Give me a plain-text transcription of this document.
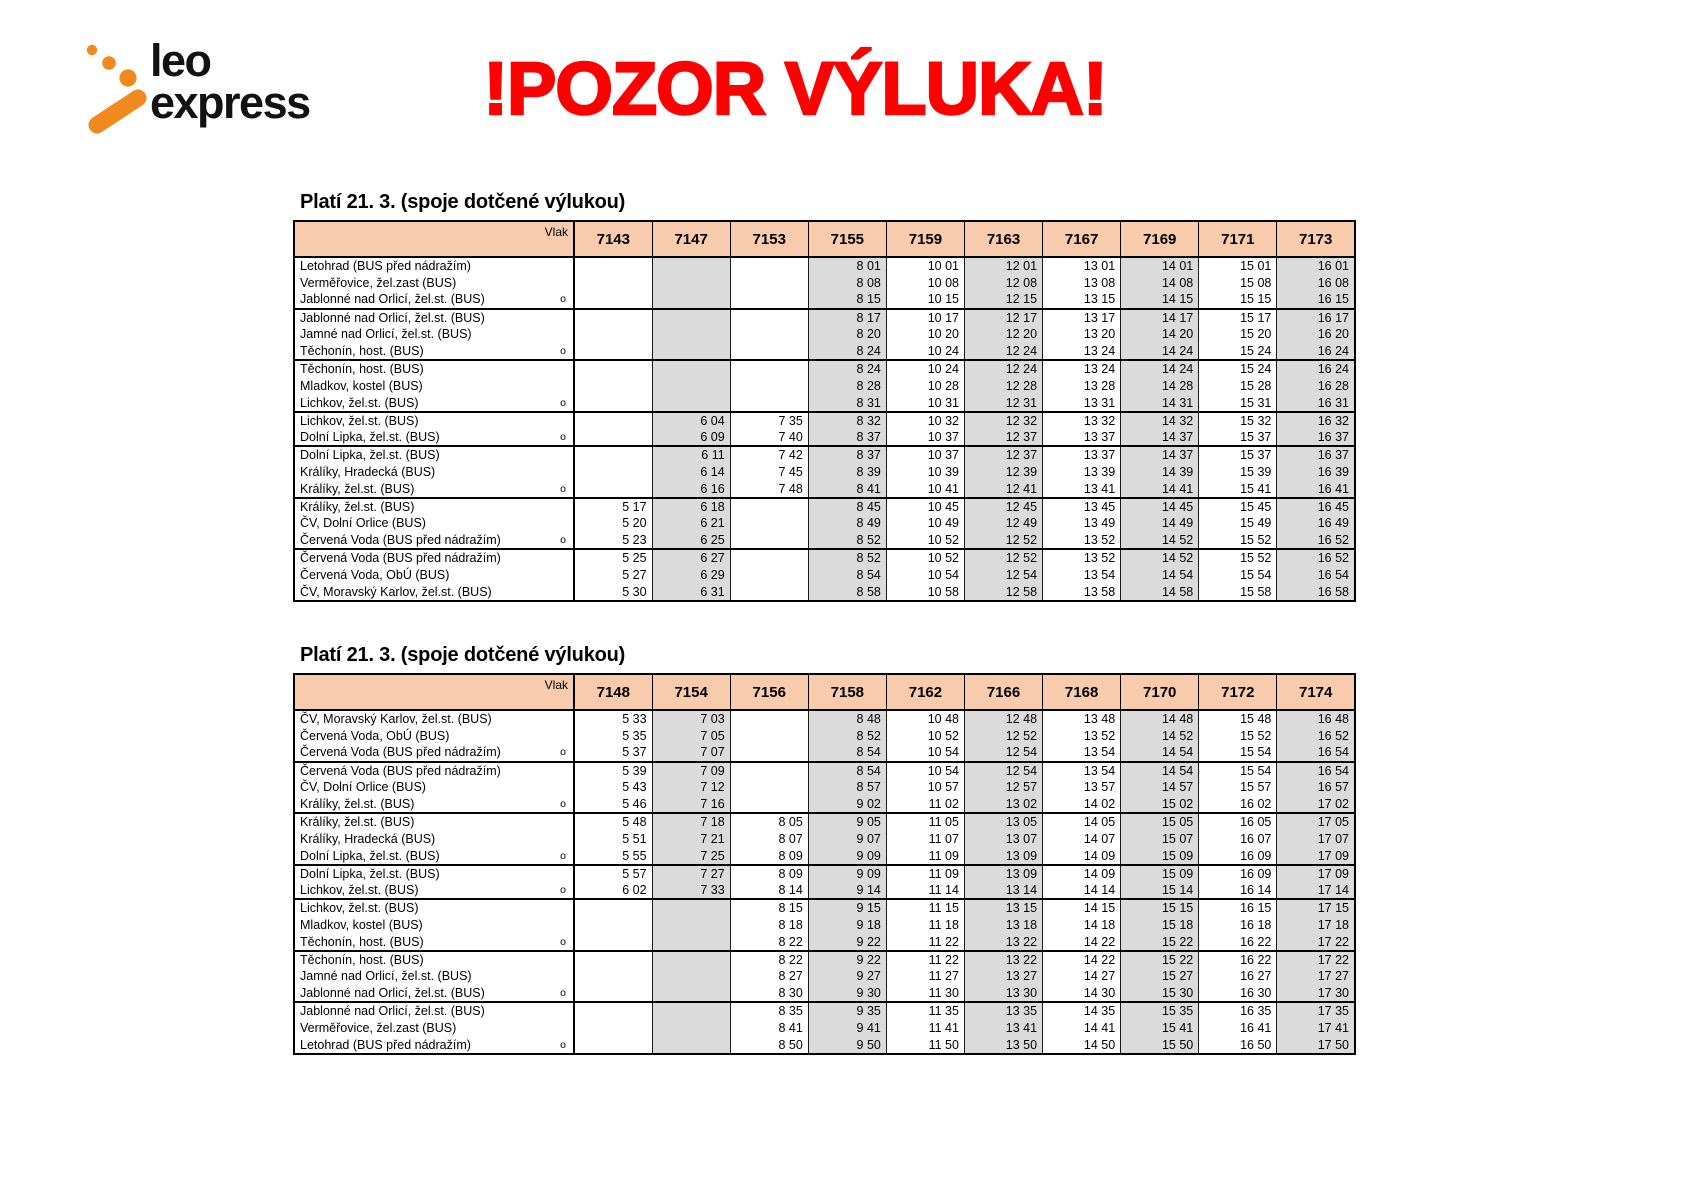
leo
express	!POZOR VÝLUKA!
Platí 21. 3. (spoje dotčené výlukou)
Vlak		7143	7147	7153	7155	7159	7163	7167	7169	7171	7173
Letohrad (BUS před nádražím)					8 01	10 01	12 01	13 01	14 01	15 01	16 01
Verměřovice, žel.zast (BUS)					8 08	10 08	12 08	13 08	14 08	15 08	16 08
Jablonné nad Orlicí, žel.st. (BUS)	o				8 15	10 15	12 15	13 15	14 15	15 15	16 15
Jablonné nad Orlicí, žel.st. (BUS)					8 17	10 17	12 17	13 17	14 17	15 17	16 17
Jamné nad Orlicí, žel.st. (BUS)					8 20	10 20	12 20	13 20	14 20	15 20	16 20
Těchonín, host. (BUS)	o				8 24	10 24	12 24	13 24	14 24	15 24	16 24
Těchonín, host. (BUS)					8 24	10 24	12 24	13 24	14 24	15 24	16 24
Mladkov, kostel (BUS)					8 28	10 28	12 28	13 28	14 28	15 28	16 28
Lichkov, žel.st. (BUS)	o				8 31	10 31	12 31	13 31	14 31	15 31	16 31
Lichkov, žel.st. (BUS)			6 04	7 35	8 32	10 32	12 32	13 32	14 32	15 32	16 32
Dolní Lipka, žel.st. (BUS)	o		6 09	7 40	8 37	10 37	12 37	13 37	14 37	15 37	16 37
Dolní Lipka, žel.st. (BUS)			6 11	7 42	8 37	10 37	12 37	13 37	14 37	15 37	16 37
Králíky, Hradecká (BUS)			6 14	7 45	8 39	10 39	12 39	13 39	14 39	15 39	16 39
Králíky, žel.st. (BUS)	o		6 16	7 48	8 41	10 41	12 41	13 41	14 41	15 41	16 41
Králíky, žel.st. (BUS)		5 17	6 18		8 45	10 45	12 45	13 45	14 45	15 45	16 45
ČV, Dolní Orlice (BUS)		5 20	6 21		8 49	10 49	12 49	13 49	14 49	15 49	16 49
Červená Voda (BUS před nádražím)	o	5 23	6 25		8 52	10 52	12 52	13 52	14 52	15 52	16 52
Červená Voda (BUS před nádražím)		5 25	6 27		8 52	10 52	12 52	13 52	14 52	15 52	16 52
Červená Voda, ObÚ (BUS)		5 27	6 29		8 54	10 54	12 54	13 54	14 54	15 54	16 54
ČV, Moravský Karlov, žel.st. (BUS)		5 30	6 31		8 58	10 58	12 58	13 58	14 58	15 58	16 58
Platí 21. 3. (spoje dotčené výlukou)
Vlak		7148	7154	7156	7158	7162	7166	7168	7170	7172	7174
ČV, Moravský Karlov, žel.st. (BUS)		5 33	7 03		8 48	10 48	12 48	13 48	14 48	15 48	16 48
Červená Voda, ObÚ (BUS)		5 35	7 05		8 52	10 52	12 52	13 52	14 52	15 52	16 52
Červená Voda (BUS před nádražím)	o	5 37	7 07		8 54	10 54	12 54	13 54	14 54	15 54	16 54
Červená Voda (BUS před nádražím)		5 39	7 09		8 54	10 54	12 54	13 54	14 54	15 54	16 54
ČV, Dolní Orlice (BUS)		5 43	7 12		8 57	10 57	12 57	13 57	14 57	15 57	16 57
Králíky, žel.st. (BUS)	o	5 46	7 16		9 02	11 02	13 02	14 02	15 02	16 02	17 02
Králíky, žel.st. (BUS)		5 48	7 18	8 05	9 05	11 05	13 05	14 05	15 05	16 05	17 05
Králíky, Hradecká (BUS)		5 51	7 21	8 07	9 07	11 07	13 07	14 07	15 07	16 07	17 07
Dolní Lipka, žel.st. (BUS)	o	5 55	7 25	8 09	9 09	11 09	13 09	14 09	15 09	16 09	17 09
Dolní Lipka, žel.st. (BUS)		5 57	7 27	8 09	9 09	11 09	13 09	14 09	15 09	16 09	17 09
Lichkov, žel.st. (BUS)	o	6 02	7 33	8 14	9 14	11 14	13 14	14 14	15 14	16 14	17 14
Lichkov, žel.st. (BUS)				8 15	9 15	11 15	13 15	14 15	15 15	16 15	17 15
Mladkov, kostel (BUS)				8 18	9 18	11 18	13 18	14 18	15 18	16 18	17 18
Těchonín, host. (BUS)	o			8 22	9 22	11 22	13 22	14 22	15 22	16 22	17 22
Těchonín, host. (BUS)				8 22	9 22	11 22	13 22	14 22	15 22	16 22	17 22
Jamné nad Orlicí, žel.st. (BUS)				8 27	9 27	11 27	13 27	14 27	15 27	16 27	17 27
Jablonné nad Orlicí, žel.st. (BUS)	o			8 30	9 30	11 30	13 30	14 30	15 30	16 30	17 30
Jablonné nad Orlicí, žel.st. (BUS)				8 35	9 35	11 35	13 35	14 35	15 35	16 35	17 35
Verměřovice, žel.zast (BUS)				8 41	9 41	11 41	13 41	14 41	15 41	16 41	17 41
Letohrad (BUS před nádražím)	o			8 50	9 50	11 50	13 50	14 50	15 50	16 50	17 50
